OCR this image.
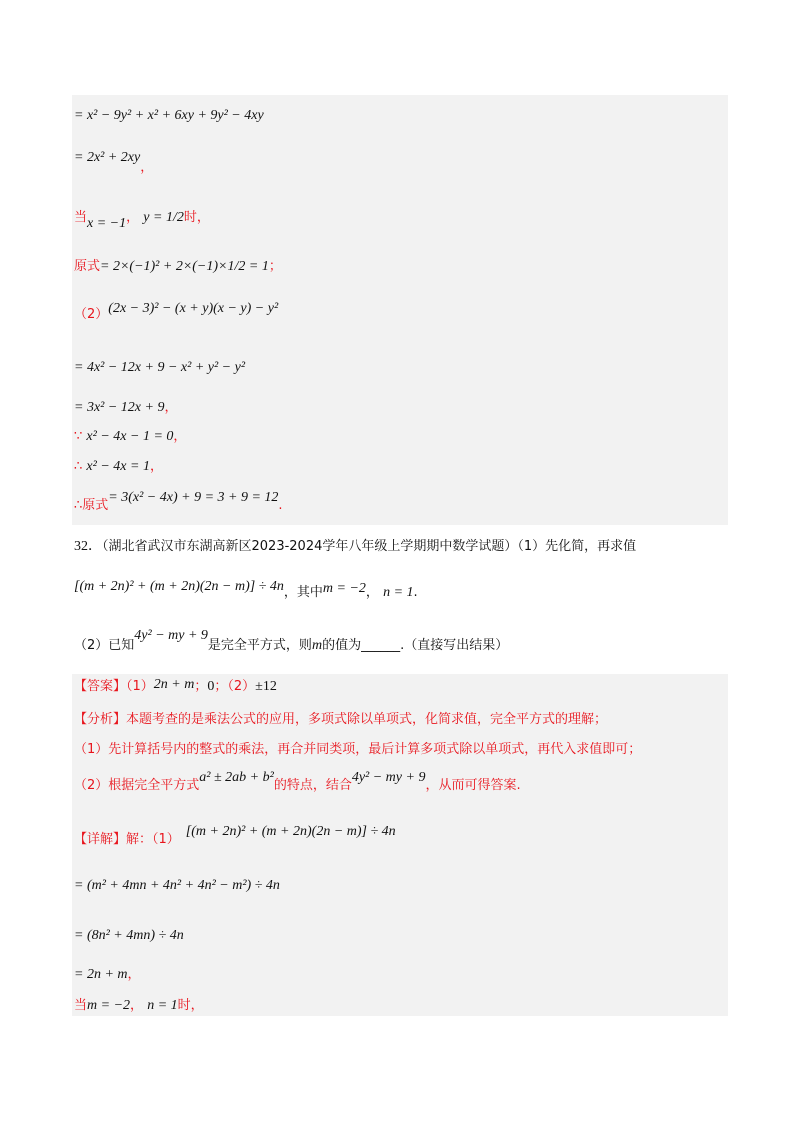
= x² − 9y² + x² + 6xy + 9y² − 4xy
= 2x² + 2xy，
当x = −1， y = 1/2时，
原式= 2×(−1)² + 2×(−1)×1/2 = 1；
（2）(2x − 3)² − (x + y)(x − y) − y²
= 4x² − 12x + 9 − x² + y² − y²
= 3x² − 12x + 9，
∵ x² − 4x − 1 = 0，
∴ x² − 4x = 1，
∴原式= 3(x² − 4x) + 9 = 3 + 9 = 12.
32．（湖北省武汉市东湖高新区2023-2024学年八年级上学期期中数学试题）（1）先化简，再求值
[(m + 2n)² + (m + 2n)(2n − m)] ÷ 4n，其中m = −2， n = 1.
（2）已知4y² − my + 9是完全平方式，则m的值为______.（直接写出结果）
【答案】（1）2n + m；0；（2）±12
【分析】本题考查的是乘法公式的应用，多项式除以单项式，化简求值，完全平方式的理解；
（1）先计算括号内的整式的乘法，再合并同类项，最后计算多项式除以单项式，再代入求值即可；
（2）根据完全平方式a² ± 2ab + b²的特点，结合4y² − my + 9，从而可得答案.
【详解】解：（1）[(m + 2n)² + (m + 2n)(2n − m)] ÷ 4n
= (m² + 4mn + 4n² + 4n² − m²) ÷ 4n
= (8n² + 4mn) ÷ 4n
= 2n + m，
当m = −2， n = 1时，
